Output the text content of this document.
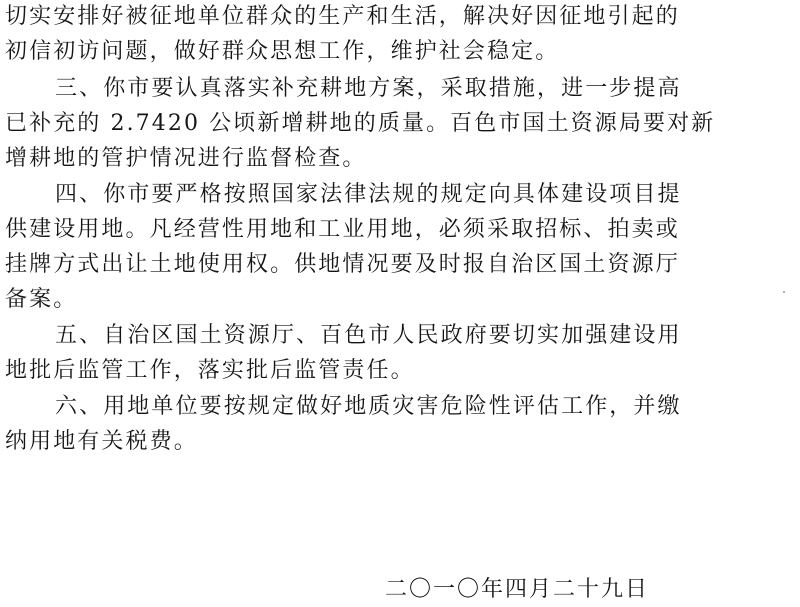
切实安排好被征地单位群众的生产和生活，解决好因征地引起的
初信初访问题，做好群众思想工作，维护社会稳定。
三、你市要认真落实补充耕地方案，采取措施，进一步提高
已补充的 2.7420 公顷新增耕地的质量。百色市国土资源局要对新
增耕地的管护情况进行监督检查。
四、你市要严格按照国家法律法规的规定向具体建设项目提
供建设用地。凡经营性用地和工业用地，必须采取招标、拍卖或
挂牌方式出让土地使用权。供地情况要及时报自治区国土资源厅
备案。
五、自治区国土资源厅、百色市人民政府要切实加强建设用
地批后监管工作，落实批后监管责任。
六、用地单位要按规定做好地质灾害危险性评估工作，并缴
纳用地有关税费。
二〇一〇年四月二十九日
